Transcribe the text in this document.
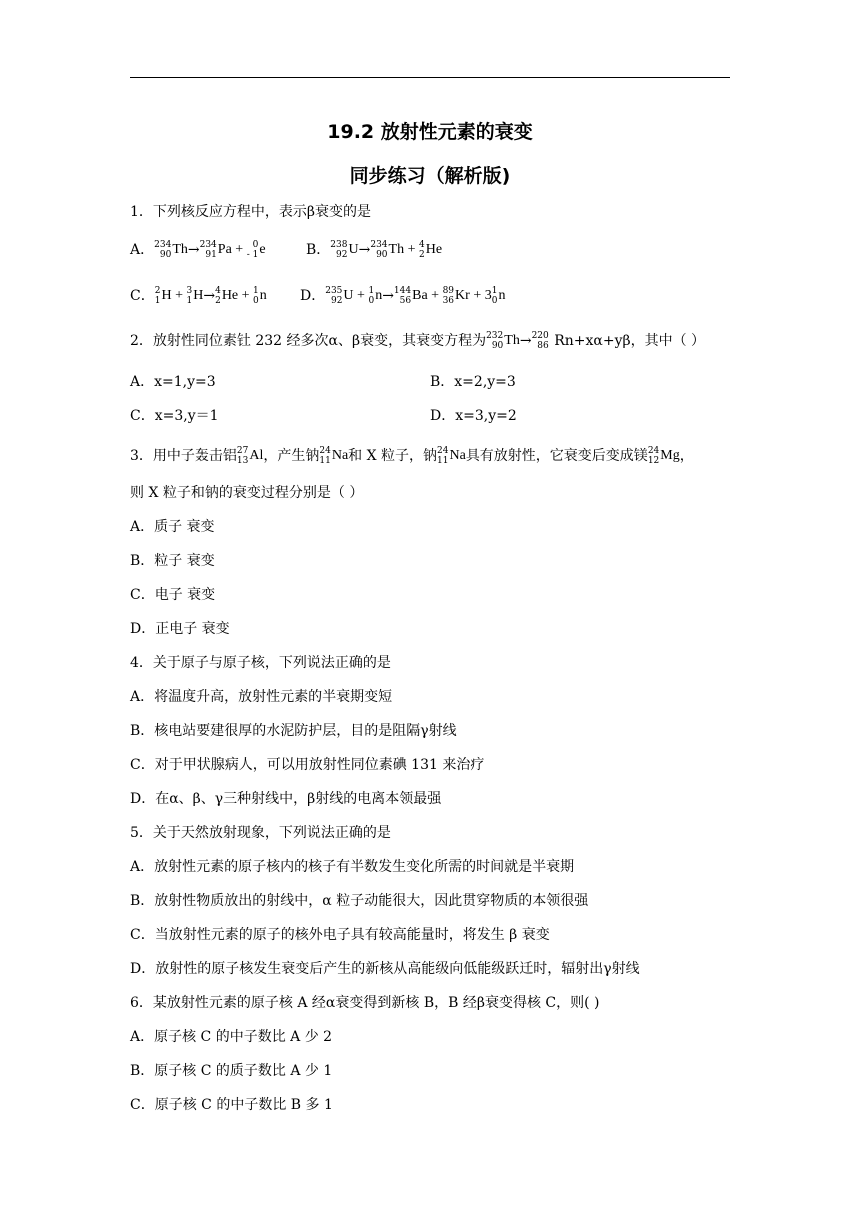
19.2 放射性元素的衰变
同步练习（解析版)
1．下列核反应方程中，表示β衰变的是
A． 234
90 Th→ 234
91 Pa + 0
- 1 e	B． 238
92 U→ 234
90 Th + 4
2 He
C． 2
1 H + 3
1 H→ 4
2 He + 1
0 n D． 235
92 U + 1
0 n→ 144
56 Ba + 89
36 Kr + 3 1
0 n
2．放射性同位素钍 232 经多次α、β衰变，其衰变方程为 232
90 Th→ 220
86 Rn+xα+yβ，其中（ ）
A．x=1,y=3	B．x=2,y=3
C．x=3,y＝1	D．x=3,y=2
3．用中子轰击铝 27
13 Al，产生钠 24
11 Na和 X 粒子，钠 24
11 Na具有放射性，它衰变后变成镁 24
12 Mg，
则 X 粒子和钠的衰变过程分别是（ ）
A．质子 衰变
B．粒子 衰变
C．电子 衰变
D．正电子 衰变
4．关于原子与原子核，下列说法正确的是
A．将温度升高，放射性元素的半衰期变短
B．核电站要建很厚的水泥防护层，目的是阻隔γ射线
C．对于甲状腺病人，可以用放射性同位素碘 131 来治疗
D．在α、β、γ三种射线中，β射线的电离本领最强
5．关于天然放射现象，下列说法正确的是
A．放射性元素的原子核内的核子有半数发生变化所需的时间就是半衰期
B．放射性物质放出的射线中，α 粒子动能很大，因此贯穿物质的本领很强
C．当放射性元素的原子的核外电子具有较高能量时，将发生 β 衰变
D．放射性的原子核发生衰变后产生的新核从高能级向低能级跃迁时，辐射出γ射线
6．某放射性元素的原子核 A 经α衰变得到新核 B，B 经β衰变得核 C，则( )
A．原子核 C 的中子数比 A 少 2
B．原子核 C 的质子数比 A 少 1
C．原子核 C 的中子数比 B 多 1
